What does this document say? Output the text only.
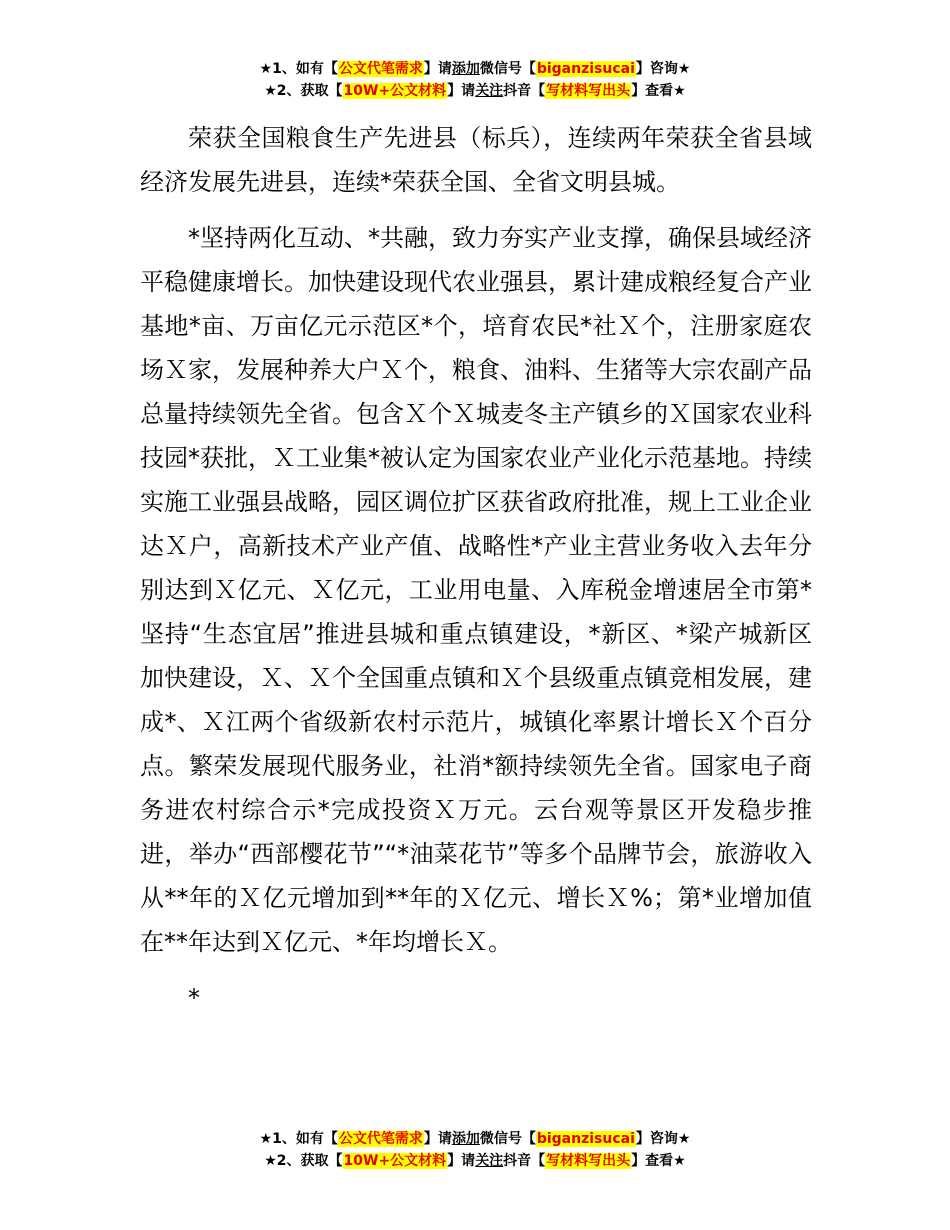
★1、如有【公文代笔需求】请添加微信号【biganzisucai】咨询★
★2、获取【10W+公文材料】请关注抖音【写材料写出头】查看★

荣获全国粮食生产先进县（标兵），连续两年荣获全省县域经济发展先进县，连续*荣获全国、全省文明县城。

*坚持两化互动、*共融，致力夯实产业支撑，确保县域经济平稳健康增长。加快建设现代农业强县，累计建成粮经复合产业基地*亩、万亩亿元示范区*个，培育农民*社Ｘ个，注册家庭农场Ｘ家，发展种养大户Ｘ个，粮食、油料、生猪等大宗农副产品总量持续领先全省。包含Ｘ个Ｘ城麦冬主产镇乡的Ｘ国家农业科技园*获批，Ｘ工业集*被认定为国家农业产业化示范基地。持续实施工业强县战略，园区调位扩区获省政府批准，规上工业企业达Ｘ户，高新技术产业产值、战略性*产业主营业务收入去年分别达到Ｘ亿元、Ｘ亿元，工业用电量、入库税金增速居全市第*坚持“生态宜居”推进县城和重点镇建设，*新区、*梁产城新区加快建设，Ｘ、Ｘ个全国重点镇和Ｘ个县级重点镇竞相发展，建成*、Ｘ江两个省级新农村示范片，城镇化率累计增长Ｘ个百分点。繁荣发展现代服务业，社消*额持续领先全省。国家电子商务进农村综合示*完成投资Ｘ万元。云台观等景区开发稳步推进，举办“西部樱花节”“*油菜花节”等多个品牌节会，旅游收入从**年的Ｘ亿元增加到**年的Ｘ亿元、增长Ｘ%；第*业增加值在**年达到Ｘ亿元、*年均增长Ｘ。

*

★1、如有【公文代笔需求】请添加微信号【biganzisucai】咨询★
★2、获取【10W+公文材料】请关注抖音【写材料写出头】查看★
